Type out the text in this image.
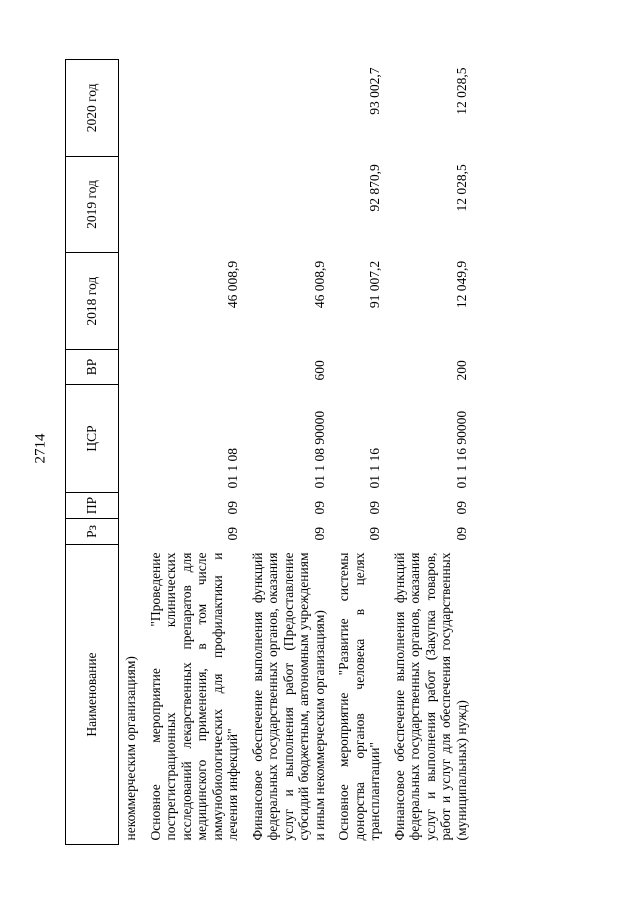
2714
Наименование	Рз	ПР	ЦСР	ВР	2018 год	2019 год	2020 год
некоммерческим организациям)							
Основное мероприятие "Проведение пострегистрационных клинических исследований лекарственных препаратов для медицинского применения, в том числе иммунобиологических для профилактики и лечения инфекций"	09	09	01 1 08		46 008,9		
Финансовое обеспечение выполнения функций федеральных государственных органов, оказания услуг и выполнения работ (Предоставление субсидий бюджетным, автономным учреждениям и иным некоммерческим организациям)	09	09	01 1 08 90000	600	46 008,9		
Основное мероприятие "Развитие системы донорства органов человека в целях трансплантации"	09	09	01 1 16		91 007,2	92 870,9	93 002,7
Финансовое обеспечение выполнения функций федеральных государственных органов, оказания услуг и выполнения работ (Закупка товаров, работ и услуг для обеспечения государственных (муниципальных) нужд)	09	09	01 1 16 90000	200	12 049,9	12 028,5	12 028,5
